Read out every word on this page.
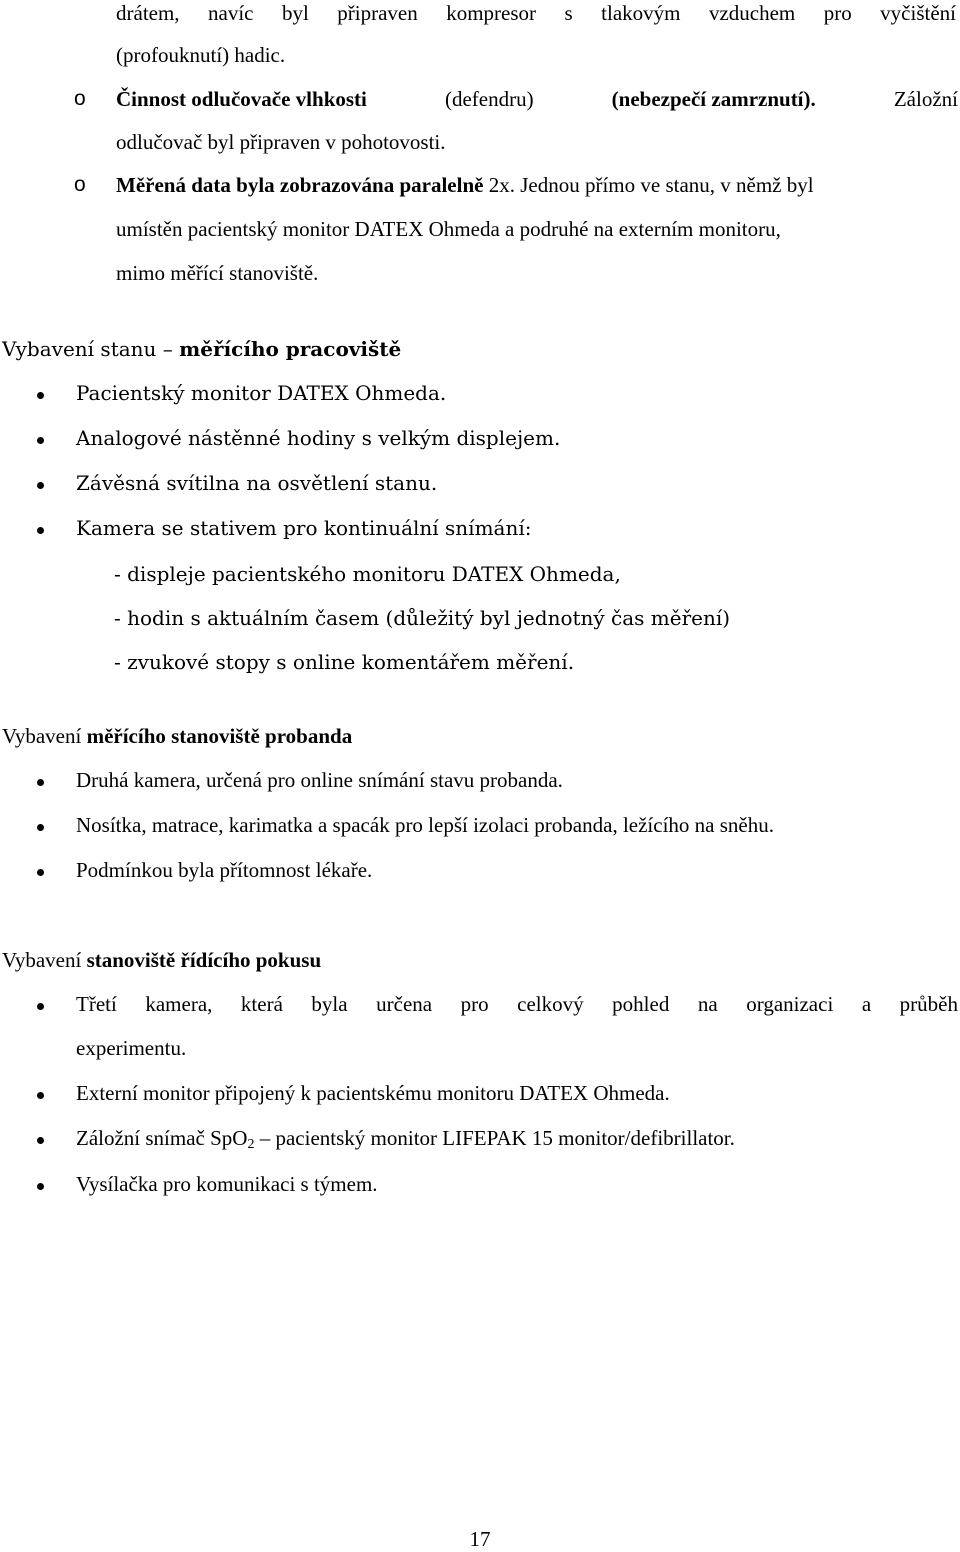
drátem, navíc byl připraven kompresor s tlakovým vzduchem pro vyčištění
(profouknutí) hadic.
o Činnost odlučovače vlhkosti	(defendru)	(nebezpečí zamrznutí).	Záložní
odlučovač byl připraven v pohotovosti.
o Měřená data byla zobrazována paralelně 2x. Jednou přímo ve stanu, v němž byl
umístěn pacientský monitor DATEX Ohmeda a podruhé na externím monitoru,
mimo měřící stanoviště.
Vybavení stanu – měřícího pracoviště
Pacientský monitor DATEX Ohmeda.
Analogové nástěnné hodiny s velkým displejem.
Závěsná svítilna na osvětlení stanu.
Kamera se stativem pro kontinuální snímání:
- displeje pacientského monitoru DATEX Ohmeda,
- hodin s aktuálním časem (důležitý byl jednotný čas měření)
- zvukové stopy s online komentářem měření.
Vybavení měřícího stanoviště probanda
Druhá kamera, určená pro online snímání stavu probanda.
Nosítka, matrace, karimatka a spacák pro lepší izolaci probanda, ležícího na sněhu.
Podmínkou byla přítomnost lékaře.
Vybavení stanoviště řídícího pokusu
Třetí kamera, která byla určena pro celkový pohled na organizaci a průběh
experimentu.
Externí monitor připojený k pacientskému monitoru DATEX Ohmeda.
Záložní snímač SpO$_2$ – pacientský monitor LIFEPAK 15 monitor/defibrillator.
Vysílačka pro komunikaci s týmem.
17
